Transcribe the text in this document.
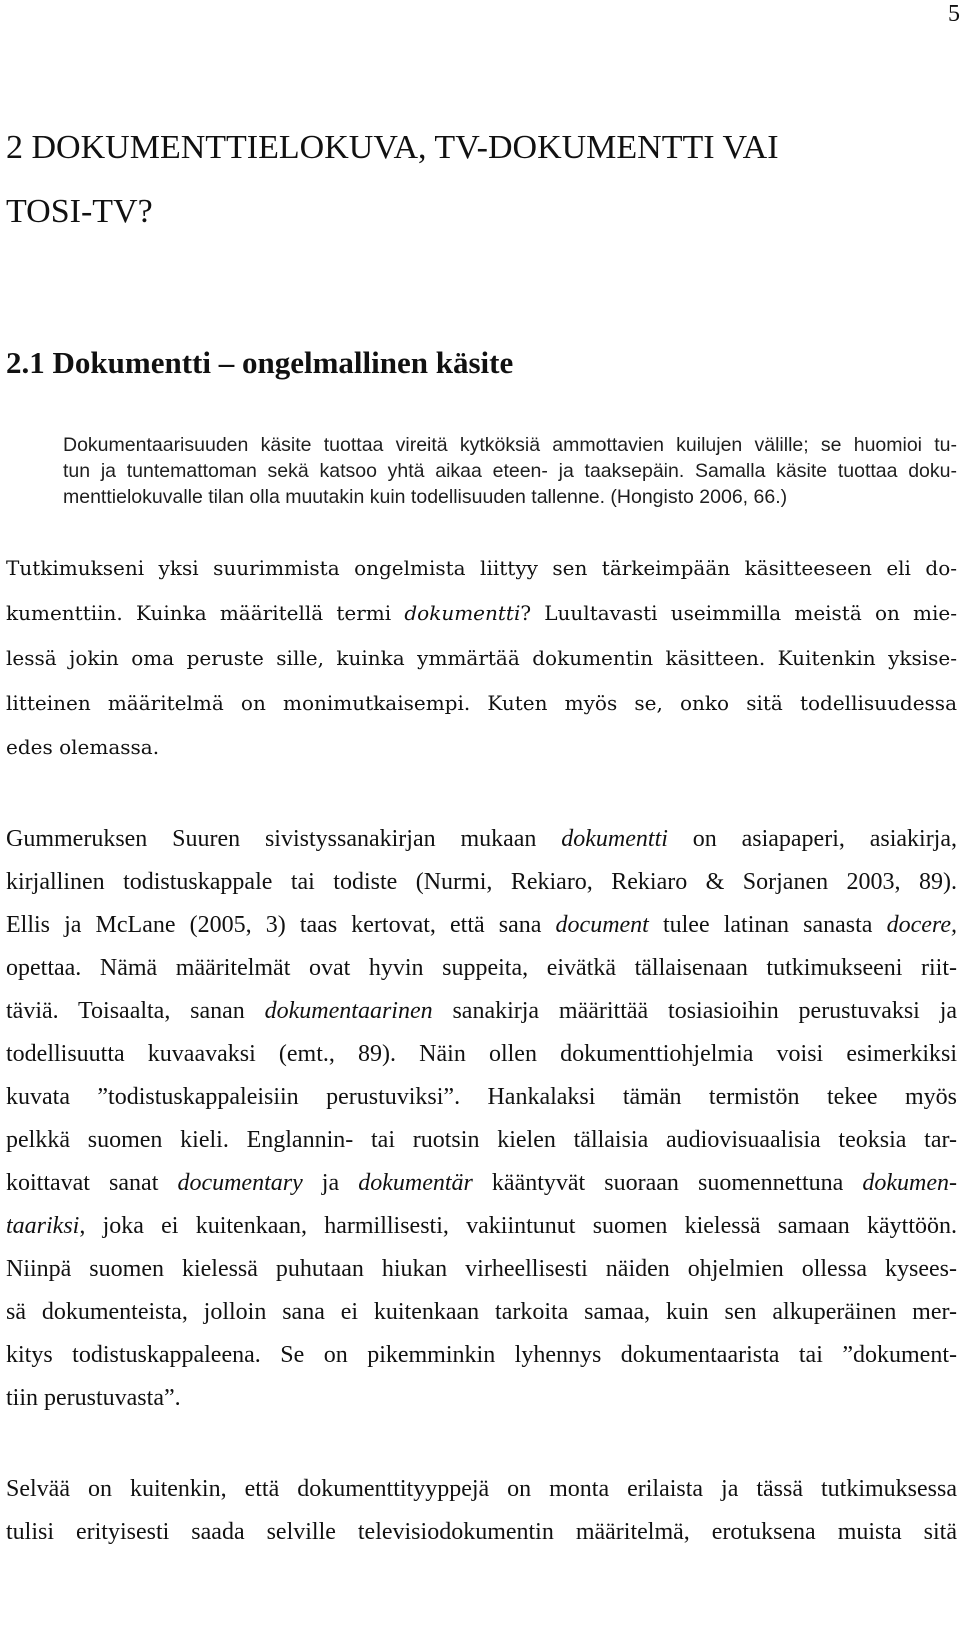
5
2 DOKUMENTTIELOKUVA, TV-DOKUMENTTI VAI
TOSI-TV?
2.1 Dokumentti – ongelmallinen käsite
Dokumentaarisuuden käsite tuottaa vireitä kytköksiä ammottavien kuilujen välille; se huomioi tu-
tun ja tuntemattoman sekä katsoo yhtä aikaa eteen- ja taaksepäin. Samalla käsite tuottaa doku-
menttielokuvalle tilan olla muutakin kuin todellisuuden tallenne. (Hongisto 2006, 66.)
Tutkimukseni yksi suurimmista ongelmista liittyy sen tärkeimpään käsitteeseen eli do-
kumenttiin. Kuinka määritellä termi dokumentti? Luultavasti useimmilla meistä on mie-
lessä jokin oma peruste sille, kuinka ymmärtää dokumentin käsitteen. Kuitenkin yksise-
litteinen määritelmä on monimutkaisempi. Kuten myös se, onko sitä todellisuudessa
edes olemassa.
Gummeruksen Suuren sivistyssanakirjan mukaan dokumentti on asiapaperi, asiakirja,
kirjallinen todistuskappale tai todiste (Nurmi, Rekiaro, Rekiaro & Sorjanen 2003, 89).
Ellis ja McLane (2005, 3) taas kertovat, että sana document tulee latinan sanasta docere,
opettaa. Nämä määritelmät ovat hyvin suppeita, eivätkä tällaisenaan tutkimukseeni riit-
täviä. Toisaalta, sanan dokumentaarinen sanakirja määrittää tosiasioihin perustuvaksi ja
todellisuutta kuvaavaksi (emt., 89). Näin ollen dokumenttiohjelmia voisi esimerkiksi
kuvata ”todistuskappaleisiin perustuviksi”. Hankalaksi tämän termistön tekee myös
pelkkä suomen kieli. Englannin- tai ruotsin kielen tällaisia audiovisuaalisia teoksia tar-
koittavat sanat documentary ja dokumentär kääntyvät suoraan suomennettuna dokumen-
taariksi, joka ei kuitenkaan, harmillisesti, vakiintunut suomen kielessä samaan käyttöön.
Niinpä suomen kielessä puhutaan hiukan virheellisesti näiden ohjelmien ollessa kysees-
sä dokumenteista, jolloin sana ei kuitenkaan tarkoita samaa, kuin sen alkuperäinen mer-
kitys todistuskappaleena. Se on pikemminkin lyhennys dokumentaarista tai ”dokument-
tiin perustuvasta”.
Selvää on kuitenkin, että dokumenttityyppejä on monta erilaista ja tässä tutkimuksessa
tulisi erityisesti saada selville televisiodokumentin määritelmä, erotuksena muista sitä
